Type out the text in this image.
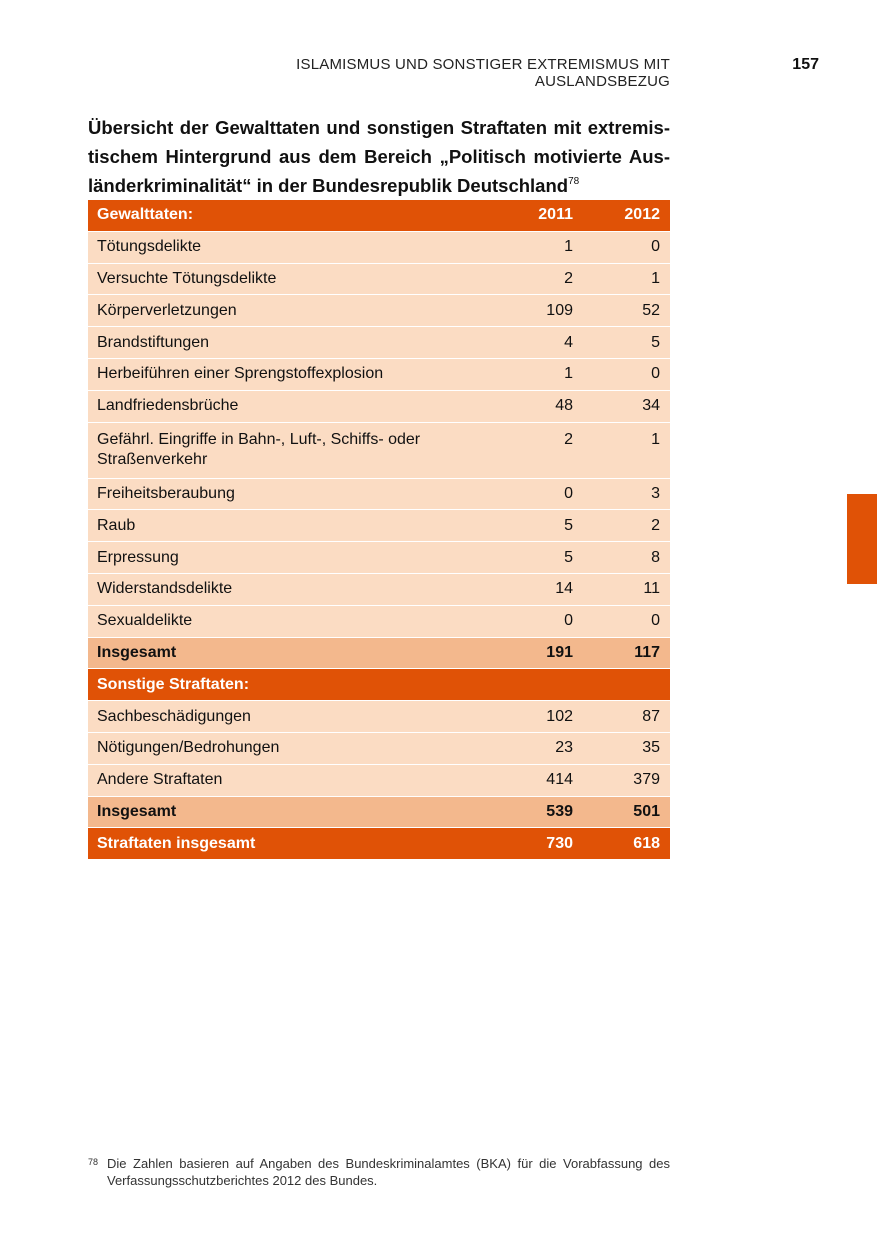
ISLAMISMUS UND SONSTIGER EXTREMISMUS MIT AUSLANDSBEZUG
157
Übersicht der Gewalttaten und sonstigen Straftaten mit extremistischem Hintergrund aus dem Bereich „Politisch motivierte Ausländerkriminalität“ in der Bundesrepublik Deutschland$^{78}$
Gewalttaten:	2011	2012
Tötungsdelikte	1	0
Versuchte Tötungsdelikte	2	1
Körperverletzungen	109	52
Brandstiftungen	4	5
Herbeiführen einer Sprengstoffexplosion	1	0
Landfriedensbrüche	48	34
Gefährl. Eingriffe in Bahn-, Luft-, Schiffs- oder Straßenverkehr	2	1
Freiheitsberaubung	0	3
Raub	5	2
Erpressung	5	8
Widerstandsdelikte	14	11
Sexualdelikte	0	0
Insgesamt	191	117
Sonstige Straftaten:		
Sachbeschädigungen	102	87
Nötigungen/Bedrohungen	23	35
Andere Straftaten	414	379
Insgesamt	539	501
Straftaten insgesamt	730	618
78 Die Zahlen basieren auf Angaben des Bundeskriminalamtes (BKA) für die Vorabfassung des Verfassungsschutzberichtes 2012 des Bundes.
